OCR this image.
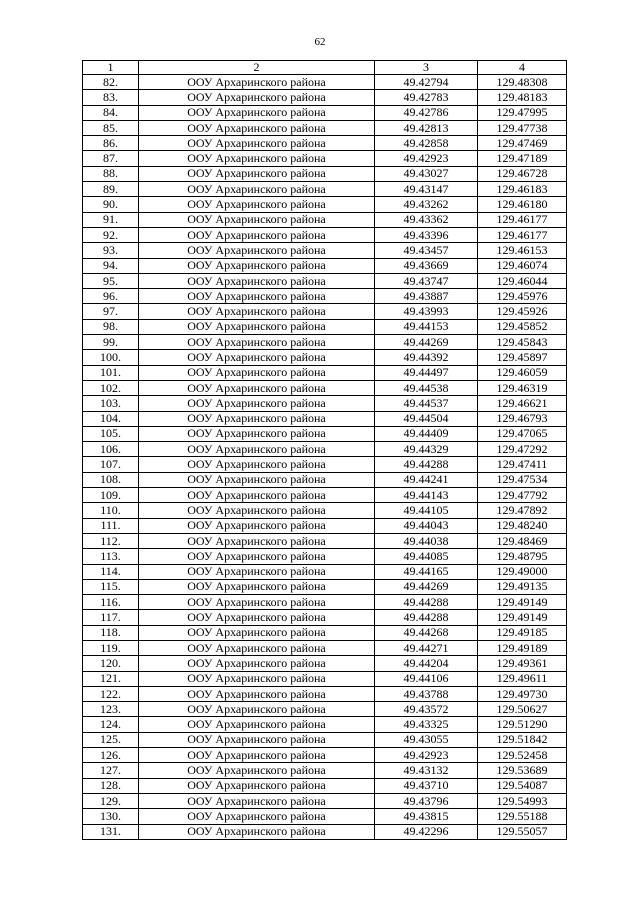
62
1	2	3	4
82.	ООУ Архаринского района	49.42794	129.48308
83.	ООУ Архаринского района	49.42783	129.48183
84.	ООУ Архаринского района	49.42786	129.47995
85.	ООУ Архаринского района	49.42813	129.47738
86.	ООУ Архаринского района	49.42858	129.47469
87.	ООУ Архаринского района	49.42923	129.47189
88.	ООУ Архаринского района	49.43027	129.46728
89.	ООУ Архаринского района	49.43147	129.46183
90.	ООУ Архаринского района	49.43262	129.46180
91.	ООУ Архаринского района	49.43362	129.46177
92.	ООУ Архаринского района	49.43396	129.46177
93.	ООУ Архаринского района	49.43457	129.46153
94.	ООУ Архаринского района	49.43669	129.46074
95.	ООУ Архаринского района	49.43747	129.46044
96.	ООУ Архаринского района	49.43887	129.45976
97.	ООУ Архаринского района	49.43993	129.45926
98.	ООУ Архаринского района	49.44153	129.45852
99.	ООУ Архаринского района	49.44269	129.45843
100.	ООУ Архаринского района	49.44392	129.45897
101.	ООУ Архаринского района	49.44497	129.46059
102.	ООУ Архаринского района	49.44538	129.46319
103.	ООУ Архаринского района	49.44537	129.46621
104.	ООУ Архаринского района	49.44504	129.46793
105.	ООУ Архаринского района	49.44409	129.47065
106.	ООУ Архаринского района	49.44329	129.47292
107.	ООУ Архаринского района	49.44288	129.47411
108.	ООУ Архаринского района	49.44241	129.47534
109.	ООУ Архаринского района	49.44143	129.47792
110.	ООУ Архаринского района	49.44105	129.47892
111.	ООУ Архаринского района	49.44043	129.48240
112.	ООУ Архаринского района	49.44038	129.48469
113.	ООУ Архаринского района	49.44085	129.48795
114.	ООУ Архаринского района	49.44165	129.49000
115.	ООУ Архаринского района	49.44269	129.49135
116.	ООУ Архаринского района	49.44288	129.49149
117.	ООУ Архаринского района	49.44288	129.49149
118.	ООУ Архаринского района	49.44268	129.49185
119.	ООУ Архаринского района	49.44271	129.49189
120.	ООУ Архаринского района	49.44204	129.49361
121.	ООУ Архаринского района	49.44106	129.49611
122.	ООУ Архаринского района	49.43788	129.49730
123.	ООУ Архаринского района	49.43572	129.50627
124.	ООУ Архаринского района	49.43325	129.51290
125.	ООУ Архаринского района	49.43055	129.51842
126.	ООУ Архаринского района	49.42923	129.52458
127.	ООУ Архаринского района	49.43132	129.53689
128.	ООУ Архаринского района	49.43710	129.54087
129.	ООУ Архаринского района	49.43796	129.54993
130.	ООУ Архаринского района	49.43815	129.55188
131.	ООУ Архаринского района	49.42296	129.55057
